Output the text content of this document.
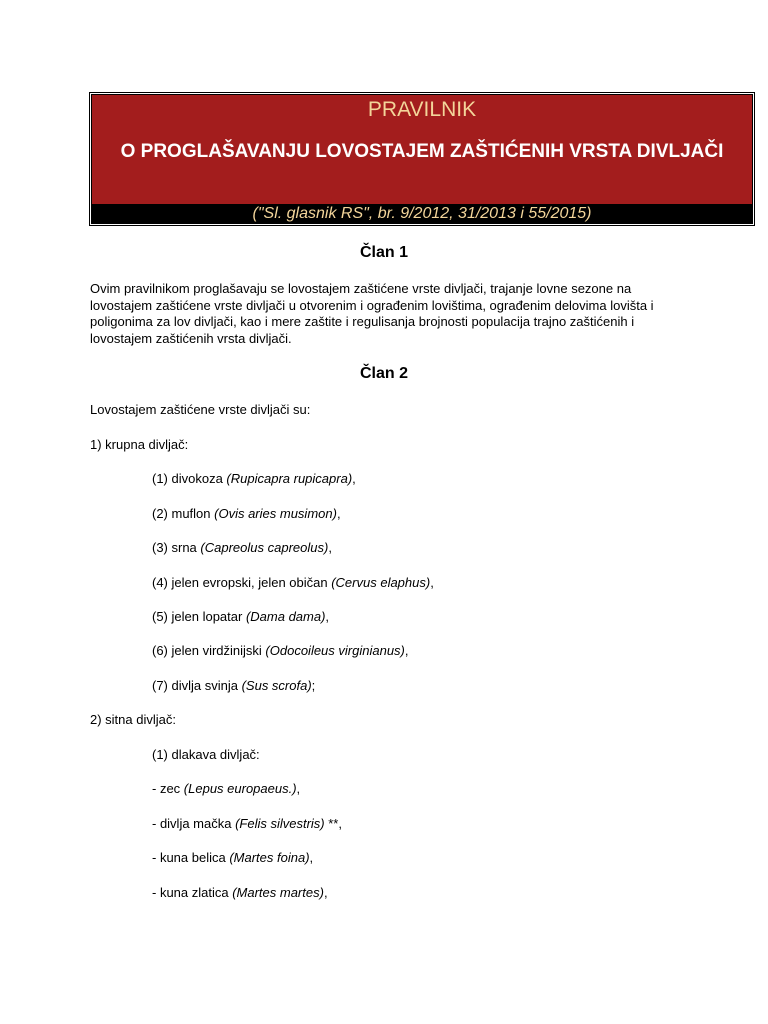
PRAVILNIK
O PROGLAŠAVANJU LOVOSTAJEM ZAŠTIĆENIH VRSTA DIVLJAČI
("Sl. glasnik RS", br. 9/2012, 31/2013 i 55/2015)
Član 1
Ovim pravilnikom proglašavaju se lovostajem zaštićene vrste divljači, trajanje lovne sezone na lovostajem zaštićene vrste divljači u otvorenim i ograđenim lovištima, ograđenim delovima lovišta i poligonima za lov divljači, kao i mere zaštite i regulisanja brojnosti populacija trajno zaštićenih i lovostajem zaštićenih vrsta divljači.
Član 2
Lovostajem zaštićene vrste divljači su:
1) krupna divljač:
(1) divokoza (Rupicapra rupicapra),
(2) muflon (Ovis aries musimon),
(3) srna (Capreolus capreolus),
(4) jelen evropski, jelen običan (Cervus elaphus),
(5) jelen lopatar (Dama dama),
(6) jelen virdžinijski (Odocoileus virginianus),
(7) divlja svinja (Sus scrofa);
2) sitna divljač:
(1) dlakava divljač:
- zec (Lepus europaeus.),
- divlja mačka (Felis silvestris) **,
- kuna belica (Martes foina),
- kuna zlatica (Martes martes),
